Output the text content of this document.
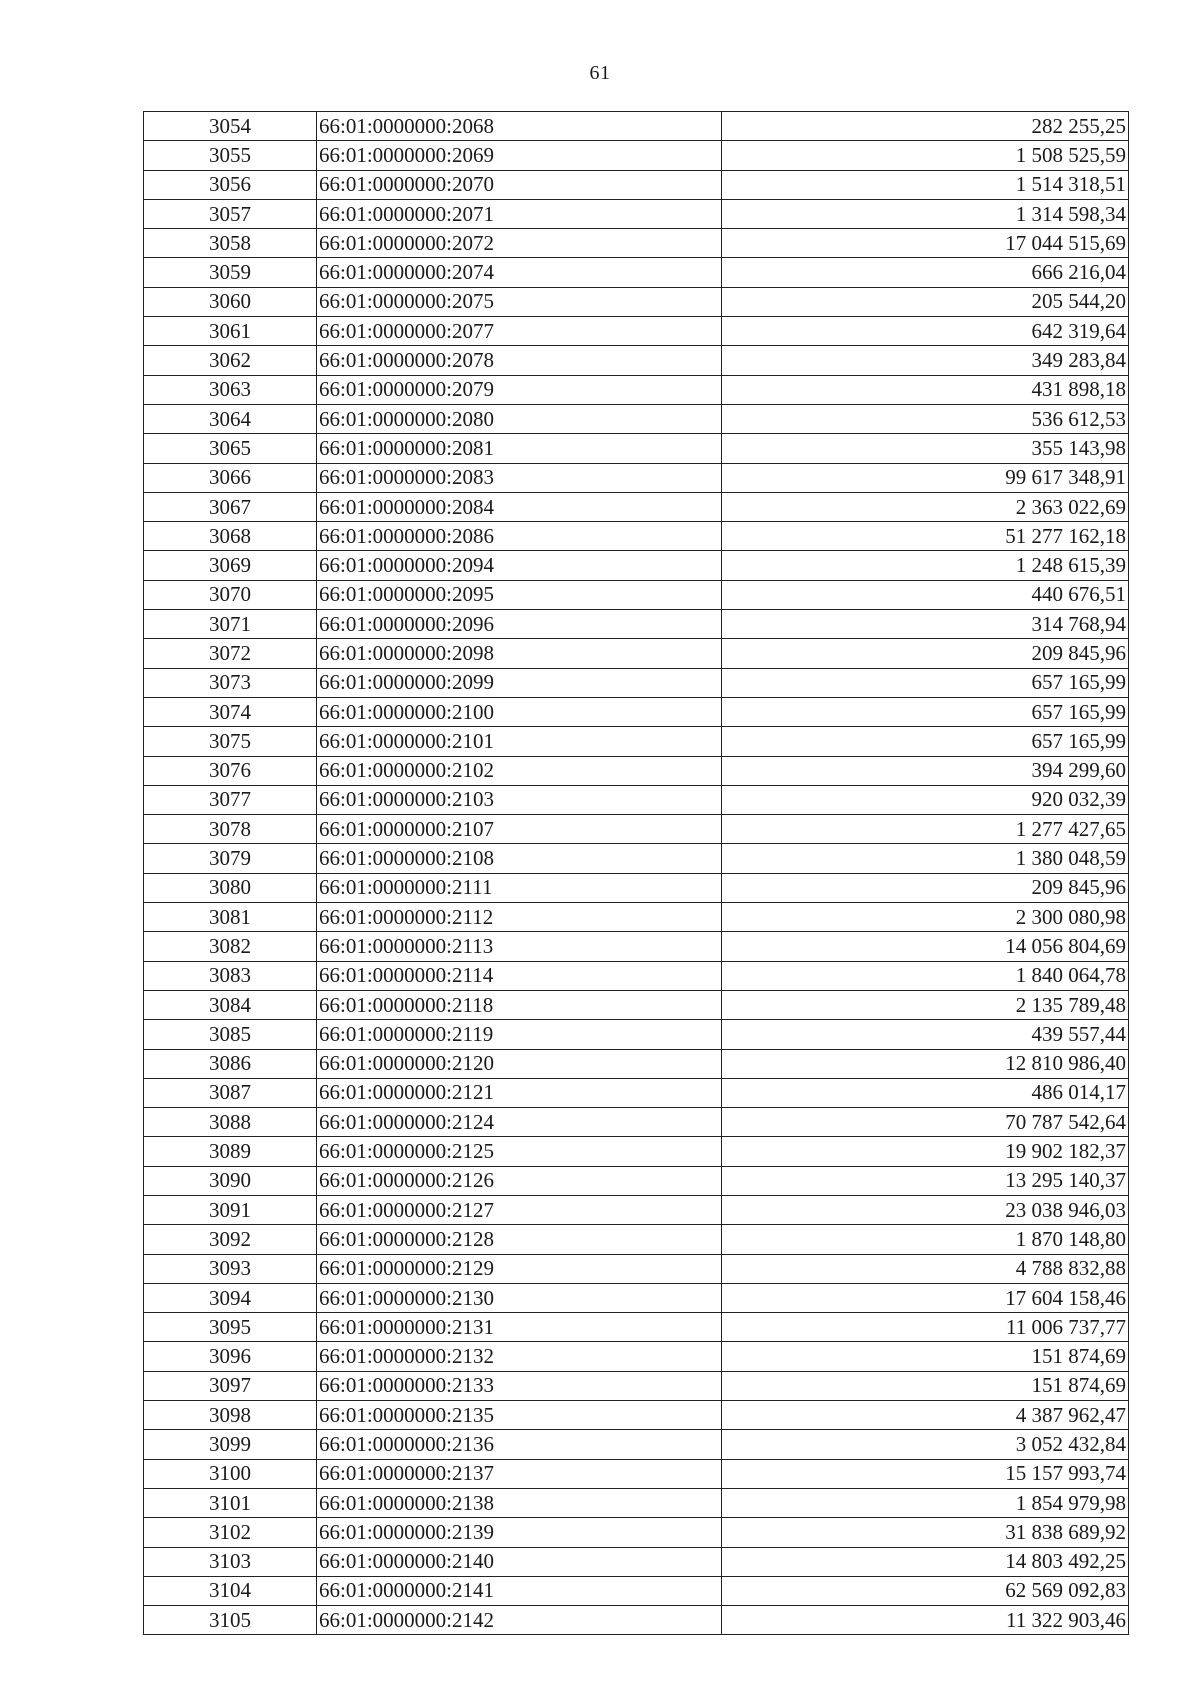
61
3054	66:01:0000000:2068	282 255,25
3055	66:01:0000000:2069	1 508 525,59
3056	66:01:0000000:2070	1 514 318,51
3057	66:01:0000000:2071	1 314 598,34
3058	66:01:0000000:2072	17 044 515,69
3059	66:01:0000000:2074	666 216,04
3060	66:01:0000000:2075	205 544,20
3061	66:01:0000000:2077	642 319,64
3062	66:01:0000000:2078	349 283,84
3063	66:01:0000000:2079	431 898,18
3064	66:01:0000000:2080	536 612,53
3065	66:01:0000000:2081	355 143,98
3066	66:01:0000000:2083	99 617 348,91
3067	66:01:0000000:2084	2 363 022,69
3068	66:01:0000000:2086	51 277 162,18
3069	66:01:0000000:2094	1 248 615,39
3070	66:01:0000000:2095	440 676,51
3071	66:01:0000000:2096	314 768,94
3072	66:01:0000000:2098	209 845,96
3073	66:01:0000000:2099	657 165,99
3074	66:01:0000000:2100	657 165,99
3075	66:01:0000000:2101	657 165,99
3076	66:01:0000000:2102	394 299,60
3077	66:01:0000000:2103	920 032,39
3078	66:01:0000000:2107	1 277 427,65
3079	66:01:0000000:2108	1 380 048,59
3080	66:01:0000000:2111	209 845,96
3081	66:01:0000000:2112	2 300 080,98
3082	66:01:0000000:2113	14 056 804,69
3083	66:01:0000000:2114	1 840 064,78
3084	66:01:0000000:2118	2 135 789,48
3085	66:01:0000000:2119	439 557,44
3086	66:01:0000000:2120	12 810 986,40
3087	66:01:0000000:2121	486 014,17
3088	66:01:0000000:2124	70 787 542,64
3089	66:01:0000000:2125	19 902 182,37
3090	66:01:0000000:2126	13 295 140,37
3091	66:01:0000000:2127	23 038 946,03
3092	66:01:0000000:2128	1 870 148,80
3093	66:01:0000000:2129	4 788 832,88
3094	66:01:0000000:2130	17 604 158,46
3095	66:01:0000000:2131	11 006 737,77
3096	66:01:0000000:2132	151 874,69
3097	66:01:0000000:2133	151 874,69
3098	66:01:0000000:2135	4 387 962,47
3099	66:01:0000000:2136	3 052 432,84
3100	66:01:0000000:2137	15 157 993,74
3101	66:01:0000000:2138	1 854 979,98
3102	66:01:0000000:2139	31 838 689,92
3103	66:01:0000000:2140	14 803 492,25
3104	66:01:0000000:2141	62 569 092,83
3105	66:01:0000000:2142	11 322 903,46
